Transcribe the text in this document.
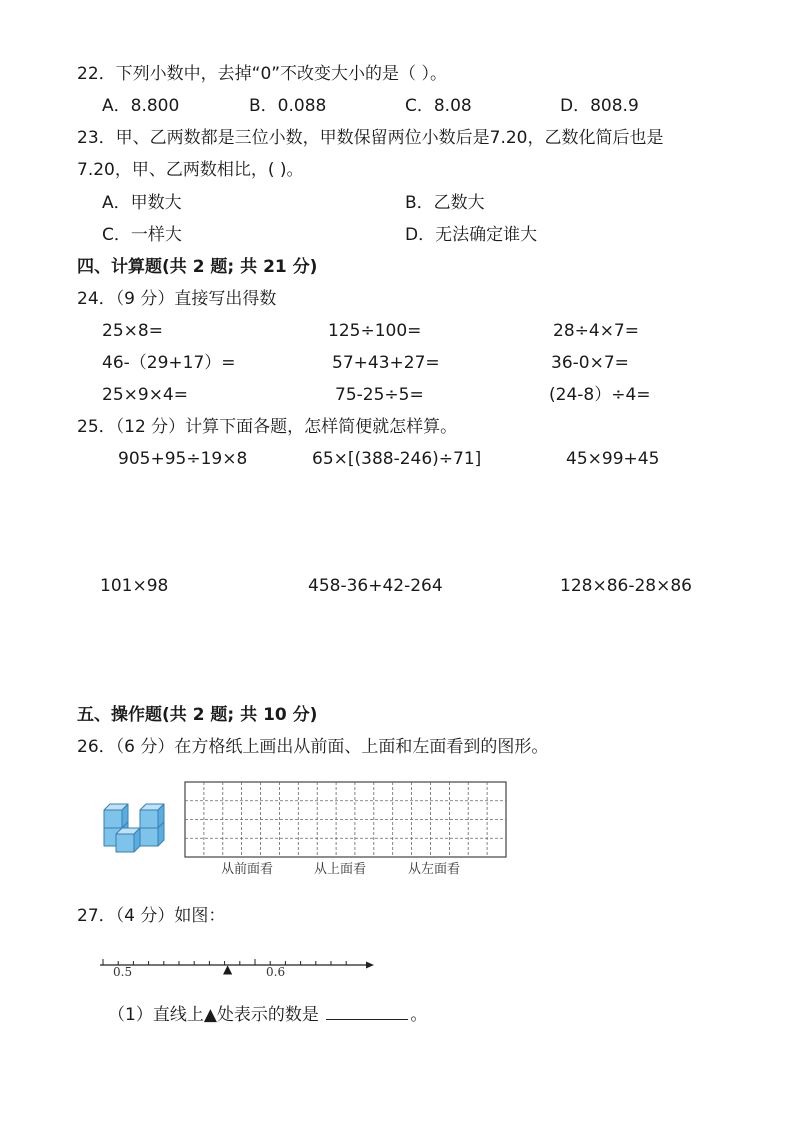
22．下列小数中，去掉“0”不改变大小的是（ ）。
A．8.800	B．0.088	C．8.08	D．808.9
23．甲、乙两数都是三位小数，甲数保留两位小数后是7.20，乙数化简后也是
7.20，甲、乙两数相比，( )。
A．甲数大	B．乙数大
C．一样大	D．无法确定谁大
四、计算题(共 2 题; 共 21 分)
24．（9 分）直接写出得数
25×8=	125÷100=	28÷4×7=
46-（29+17）=	57+43+27=	36-0×7=
25×9×4=	75-25÷5=	(24-8）÷4=
25．（12 分）计算下面各题，怎样简便就怎样算。
905+95÷19×8	65×[(388-246)÷71]	45×99+45
101×98	458-36+42-264	128×86-28×86
五、操作题(共 2 题; 共 10 分)
26．（6 分）在方格纸上画出从前面、上面和左面看到的图形。
从前面看	从上面看	从左面看
27．（4 分）如图：
0.5	0.6
▲
（1）直线上▲处表示的数是	。
